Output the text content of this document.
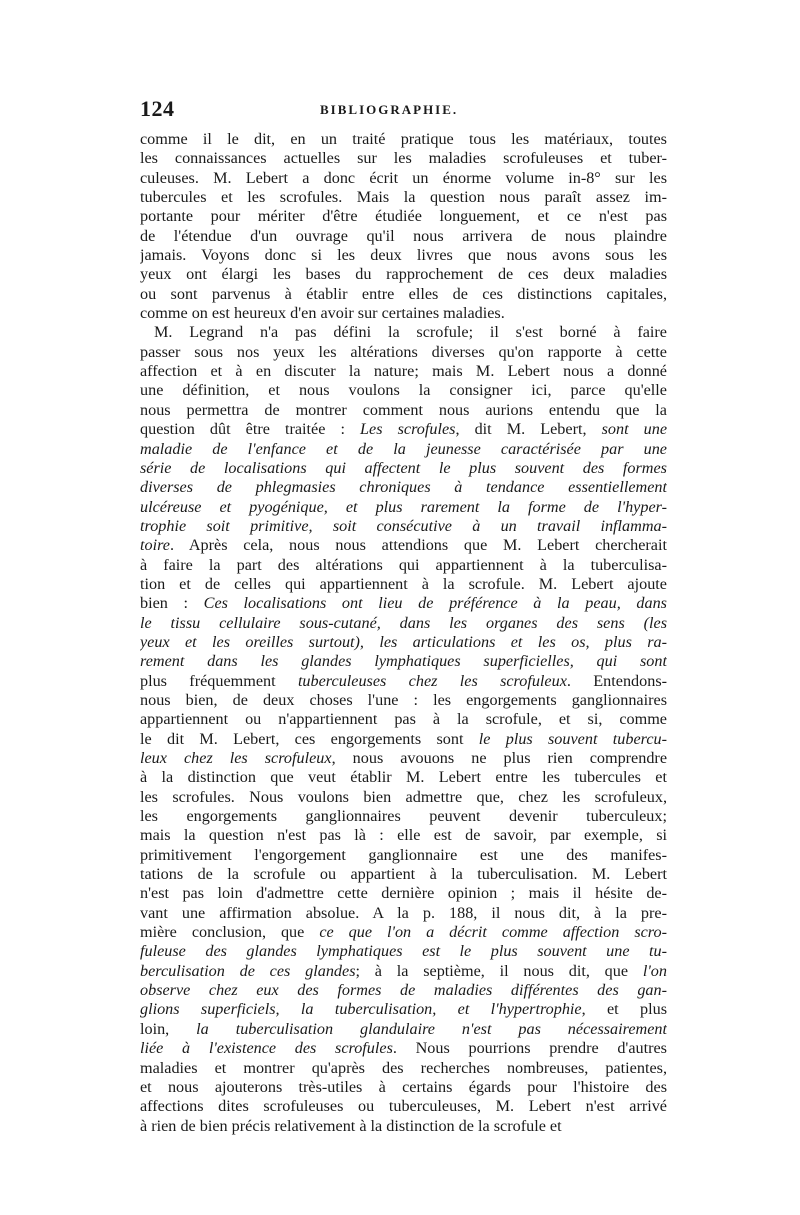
124	BIBLIOGRAPHIE.
comme il le dit, en un traité pratique tous les matériaux, toutes
les connaissances actuelles sur les maladies scrofuleuses et tuber-
culeuses. M. Lebert a donc écrit un énorme volume in-8° sur les
tubercules et les scrofules. Mais la question nous paraît assez im-
portante pour mériter d'être étudiée longuement, et ce n'est pas
de l'étendue d'un ouvrage qu'il nous arrivera de nous plaindre
jamais. Voyons donc si les deux livres que nous avons sous les
yeux ont élargi les bases du rapprochement de ces deux maladies
ou sont parvenus à établir entre elles de ces distinctions capitales,
comme on est heureux d'en avoir sur certaines maladies.
M. Legrand n'a pas défini la scrofule; il s'est borné à faire
passer sous nos yeux les altérations diverses qu'on rapporte à cette
affection et à en discuter la nature; mais M. Lebert nous a donné
une définition, et nous voulons la consigner ici, parce qu'elle
nous permettra de montrer comment nous aurions entendu que la
question dût être traitée : Les scrofules, dit M. Lebert, sont une
maladie de l'enfance et de la jeunesse caractérisée par une
série de localisations qui affectent le plus souvent des formes
diverses de phlegmasies chroniques à tendance essentiellement
ulcéreuse et pyogénique, et plus rarement la forme de l'hyper-
trophie soit primitive, soit consécutive à un travail inflamma-
toire. Après cela, nous nous attendions que M. Lebert chercherait
à faire la part des altérations qui appartiennent à la tuberculisa-
tion et de celles qui appartiennent à la scrofule. M. Lebert ajoute
bien : Ces localisations ont lieu de préférence à la peau, dans
le tissu cellulaire sous-cutané, dans les organes des sens (les
yeux et les oreilles surtout), les articulations et les os, plus ra-
rement dans les glandes lymphatiques superficielles, qui sont
plus fréquemment tuberculeuses chez les scrofuleux. Entendons-
nous bien, de deux choses l'une : les engorgements ganglionnaires
appartiennent ou n'appartiennent pas à la scrofule, et si, comme
le dit M. Lebert, ces engorgements sont le plus souvent tubercu-
leux chez les scrofuleux, nous avouons ne plus rien comprendre
à la distinction que veut établir M. Lebert entre les tubercules et
les scrofules. Nous voulons bien admettre que, chez les scrofuleux,
les engorgements ganglionnaires peuvent devenir tuberculeux;
mais la question n'est pas là : elle est de savoir, par exemple, si
primitivement l'engorgement ganglionnaire est une des manifes-
tations de la scrofule ou appartient à la tuberculisation. M. Lebert
n'est pas loin d'admettre cette dernière opinion ; mais il hésite de-
vant une affirmation absolue. A la p. 188, il nous dit, à la pre-
mière conclusion, que ce que l'on a décrit comme affection scro-
fuleuse des glandes lymphatiques est le plus souvent une tu-
berculisation de ces glandes; à la septième, il nous dit, que l'on
observe chez eux des formes de maladies différentes des gan-
glions superficiels, la tuberculisation, et l'hypertrophie, et plus
loin, la tuberculisation glandulaire n'est pas nécessairement
liée à l'existence des scrofules. Nous pourrions prendre d'autres
maladies et montrer qu'après des recherches nombreuses, patientes,
et nous ajouterons très-utiles à certains égards pour l'histoire des
affections dites scrofuleuses ou tuberculeuses, M. Lebert n'est arrivé
à rien de bien précis relativement à la distinction de la scrofule et
